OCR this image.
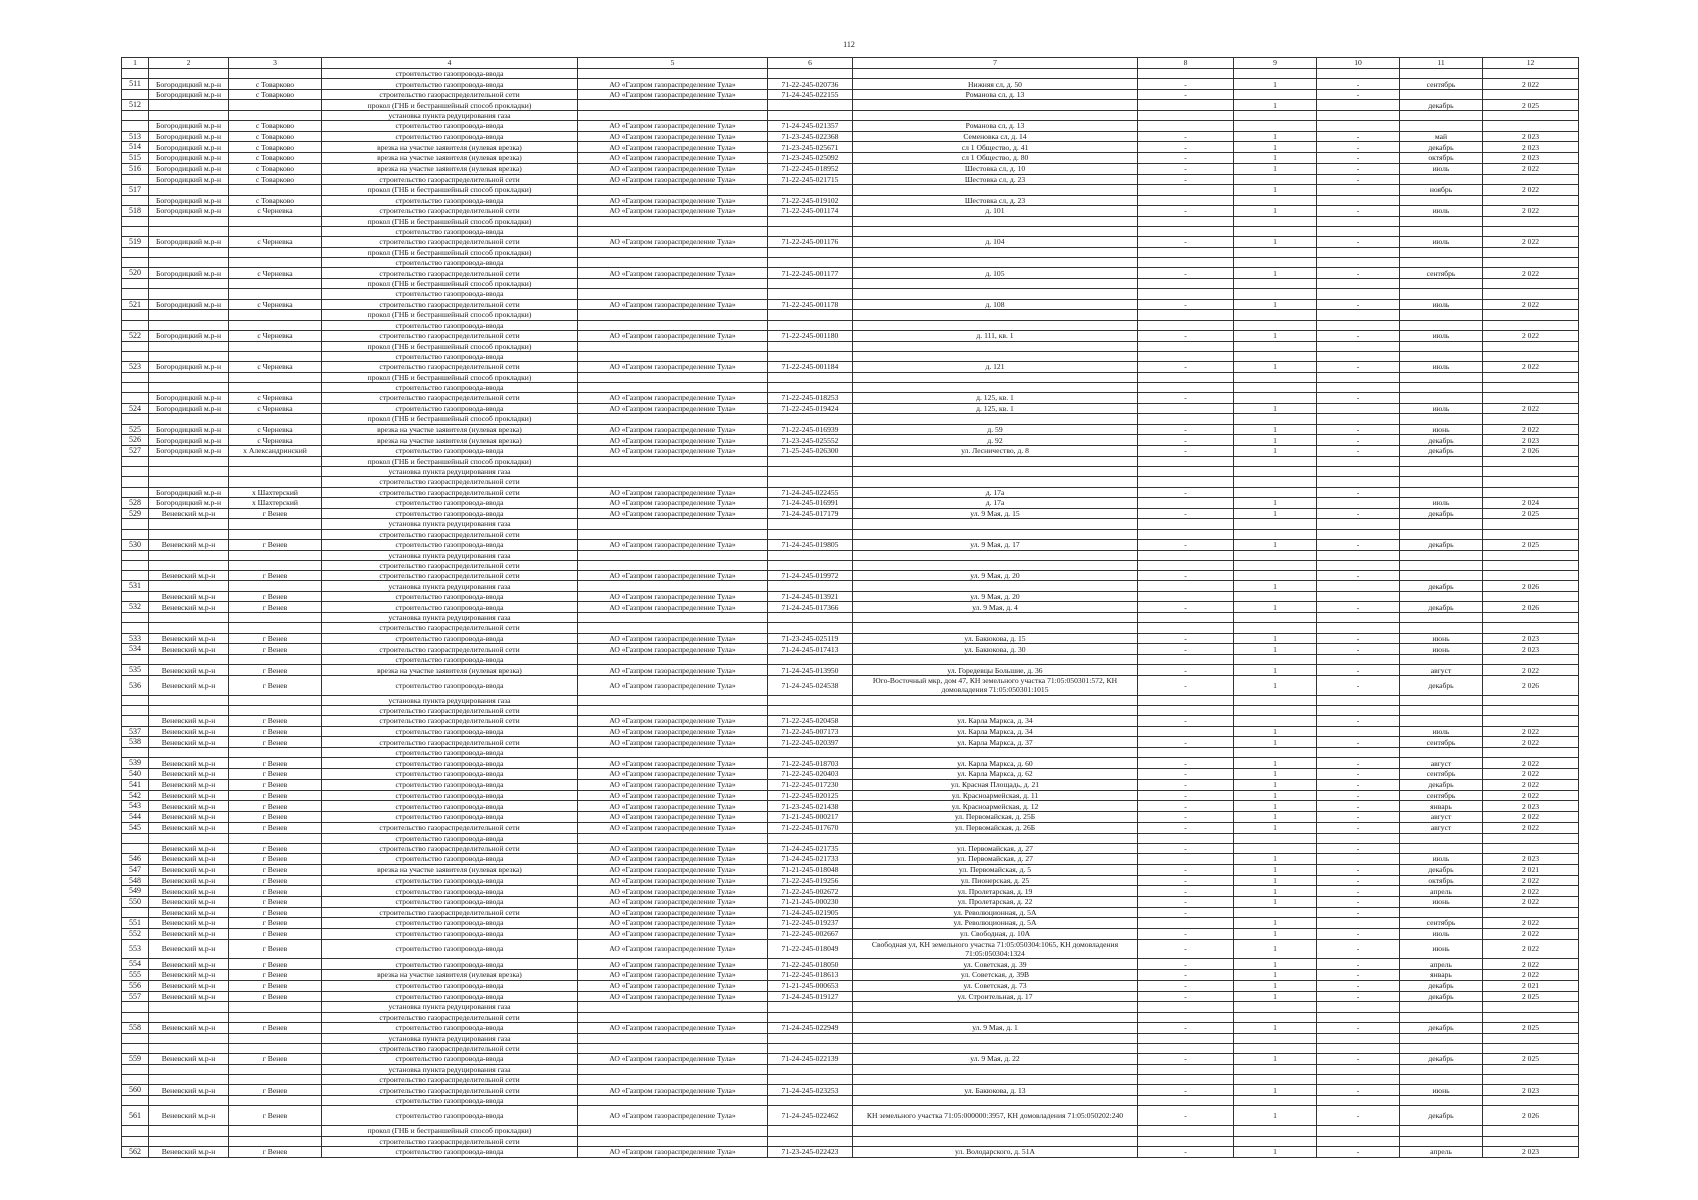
112
1	2	3	4	5	6	7	8	9	10	11	12
			строительство газопровода-ввода								
511	Богородицкий м.р-н	с Товарково	строительство газопровода-ввода	АО «Газпром газораспределение Тула»	71-22-245-020736	Нижняя сл, д. 50	-	1	-	сентябрь	2 022
	Богородицкий м.р-н	с Товарково	строительство газораспределительной сети	АО «Газпром газораспределение Тула»	71-24-245-022155	Романова сл, д. 13	-		-		
512			прокол (ГНБ и бестраншейный способ прокладки)					1		декабрь	2 025
			установка пункта редуцирования газа								
	Богородицкий м.р-н	с Товарково	строительство газопровода-ввода	АО «Газпром газораспределение Тула»	71-24-245-021357	Романова сл, д. 13					
513	Богородицкий м.р-н	с Товарково	строительство газопровода-ввода	АО «Газпром газораспределение Тула»	71-23-245-022368	Семеновка сл, д. 14	-	1	-	май	2 023
514	Богородицкий м.р-н	с Товарково	врезка на участке заявителя (нулевая врезка)	АО «Газпром газораспределение Тула»	71-23-245-025671	сл 1 Общество, д. 41	-	1	-	декабрь	2 023
515	Богородицкий м.р-н	с Товарково	врезка на участке заявителя (нулевая врезка)	АО «Газпром газораспределение Тула»	71-23-245-025092	сл 1 Общество, д. 80	-	1	-	октябрь	2 023
516	Богородицкий м.р-н	с Товарково	врезка на участке заявителя (нулевая врезка)	АО «Газпром газораспределение Тула»	71-22-245-018952	Шестовка сл, д. 10	-	1	-	июль	2 022
	Богородицкий м.р-н	с Товарково	строительство газораспределительной сети	АО «Газпром газораспределение Тула»	71-22-245-021715	Шестовка сл, д. 23	-		-		
517			прокол (ГНБ и бестраншейный способ прокладки)					1		ноябрь	2 022
	Богородицкий м.р-н	с Товарково	строительство газопровода-ввода	АО «Газпром газораспределение Тула»	71-22-245-019102	Шестовка сл, д. 23					
518	Богородицкий м.р-н	с Черневка	строительство газораспределительной сети	АО «Газпром газораспределение Тула»	71-22-245-001174	д. 101	-	1	-	июль	2 022
			прокол (ГНБ и бестраншейный способ прокладки)								
			строительство газопровода-ввода								
519	Богородицкий м.р-н	с Черневка	строительство газораспределительной сети	АО «Газпром газораспределение Тула»	71-22-245-001176	д. 104	-	1	-	июль	2 022
			прокол (ГНБ и бестраншейный способ прокладки)								
			строительство газопровода-ввода								
520	Богородицкий м.р-н	с Черневка	строительство газораспределительной сети	АО «Газпром газораспределение Тула»	71-22-245-001177	д. 105	-	1	-	сентябрь	2 022
			прокол (ГНБ и бестраншейный способ прокладки)								
			строительство газопровода-ввода								
521	Богородицкий м.р-н	с Черневка	строительство газораспределительной сети	АО «Газпром газораспределение Тула»	71-22-245-001178	д. 108	-	1	-	июль	2 022
			прокол (ГНБ и бестраншейный способ прокладки)								
			строительство газопровода-ввода								
522	Богородицкий м.р-н	с Черневка	строительство газораспределительной сети	АО «Газпром газораспределение Тула»	71-22-245-001180	д. 111, кв. 1	-	1	-	июль	2 022
			прокол (ГНБ и бестраншейный способ прокладки)								
			строительство газопровода-ввода								
523	Богородицкий м.р-н	с Черневка	строительство газораспределительной сети	АО «Газпром газораспределение Тула»	71-22-245-001184	д. 121	-	1	-	июль	2 022
			прокол (ГНБ и бестраншейный способ прокладки)								
			строительство газопровода-ввода								
	Богородицкий м.р-н	с Черневка	строительство газораспределительной сети	АО «Газпром газораспределение Тула»	71-22-245-018253	д. 125, кв. 1	-		-		
524	Богородицкий м.р-н	с Черневка	строительство газопровода-ввода	АО «Газпром газораспределение Тула»	71-22-245-019424	д. 125, кв. 1		1		июль	2 022
			прокол (ГНБ и бестраншейный способ прокладки)								
525	Богородицкий м.р-н	с Черневка	врезка на участке заявителя (нулевая врезка)	АО «Газпром газораспределение Тула»	71-22-245-016939	д. 59	-	1	-	июнь	2 022
526	Богородицкий м.р-н	с Черневка	врезка на участке заявителя (нулевая врезка)	АО «Газпром газораспределение Тула»	71-23-245-025552	д. 92	-	1	-	декабрь	2 023
527	Богородицкий м.р-н	х Александринский	строительство газопровода-ввода	АО «Газпром газораспределение Тула»	71-25-245-026300	ул. Лесничество, д. 8	-	1	-	декабрь	2 026
			прокол (ГНБ и бестраншейный способ прокладки)								
			установка пункта редуцирования газа								
			строительство газораспределительной сети								
	Богородицкий м.р-н	х Шахтерский	строительство газораспределительной сети	АО «Газпром газораспределение Тула»	71-24-245-022455	д. 17а	-		-		
528	Богородицкий м.р-н	х Шахтерский	строительство газопровода-ввода	АО «Газпром газораспределение Тула»	71-24-245-016991	д. 17а		1		июль	2 024
529	Веневский м.р-н	г Венев	строительство газопровода-ввода	АО «Газпром газораспределение Тула»	71-24-245-017179	ул. 9 Мая, д. 15	-	1	-	декабрь	2 025
			установка пункта редуцирования газа								
			строительство газораспределительной сети								
530	Веневский м.р-н	г Венев	строительство газопровода-ввода	АО «Газпром газораспределение Тула»	71-24-245-019805	ул. 9 Мая, д. 17	-	1	-	декабрь	2 025
			установка пункта редуцирования газа								
			строительство газораспределительной сети								
	Веневский м.р-н	г Венев	строительство газораспределительной сети	АО «Газпром газораспределение Тула»	71-24-245-019972	ул. 9 Мая, д. 20	-		-		
531			установка пункта редуцирования газа					1		декабрь	2 026
	Веневский м.р-н	г Венев	строительство газопровода-ввода	АО «Газпром газораспределение Тула»	71-24-245-013921	ул. 9 Мая, д. 20					
532	Веневский м.р-н	г Венев	строительство газопровода-ввода	АО «Газпром газораспределение Тула»	71-24-245-017366	ул. 9 Мая, д. 4	-	1	-	декабрь	2 026
			установка пункта редуцирования газа								
			строительство газораспределительной сети								
533	Веневский м.р-н	г Венев	строительство газопровода-ввода	АО «Газпром газораспределение Тула»	71-23-245-025119	ул. Бакюкова, д. 15	-	1	-	июнь	2 023
534	Веневский м.р-н	г Венев	строительство газораспределительной сети	АО «Газпром газораспределение Тула»	71-24-245-017413	ул. Бакюкова, д. 30	-	1	-	июнь	2 023
			строительство газопровода-ввода								
535	Веневский м.р-н	г Венев	врезка на участке заявителя (нулевая врезка)	АО «Газпром газораспределение Тула»	71-24-245-013950	ул. Горедевцы Большие, д. 36	-	1	-	август	2 022
536	Веневский м.р-н	г Венев	строительство газопровода-ввода	АО «Газпром газораспределение Тула»	71-24-245-024538	Юго-Восточный мкр, дом 47, КН земельного участка 71:05:050301:572, КН домовладения 71:05:050301:1015	-	1	-	декабрь	2 026
			установка пункта редуцирования газа								
			строительство газораспределительной сети								
	Веневский м.р-н	г Венев	строительство газораспределительной сети	АО «Газпром газораспределение Тула»	71-22-245-020458	ул. Карла Маркса, д. 34	-		-		
537	Веневский м.р-н	г Венев	строительство газопровода-ввода	АО «Газпром газораспределение Тула»	71-22-245-007173	ул. Карла Маркса, д. 34		1		июль	2 022
538	Веневский м.р-н	г Венев	строительство газораспределительной сети	АО «Газпром газораспределение Тула»	71-22-245-020397	ул. Карла Маркса, д. 37	-	1	-	сентябрь	2 022
			строительство газопровода-ввода								
539	Веневский м.р-н	г Венев	строительство газопровода-ввода	АО «Газпром газораспределение Тула»	71-22-245-018703	ул. Карла Маркса, д. 60	-	1	-	август	2 022
540	Веневский м.р-н	г Венев	строительство газопровода-ввода	АО «Газпром газораспределение Тула»	71-22-245-020403	ул. Карла Маркса, д. 62	-	1	-	сентябрь	2 022
541	Веневский м.р-н	г Венев	строительство газопровода-ввода	АО «Газпром газораспределение Тула»	71-22-245-017230	ул. Красная Площадь, д. 21	-	1	-	декабрь	2 022
542	Веневский м.р-н	г Венев	строительство газопровода-ввода	АО «Газпром газораспределение Тула»	71-22-245-020125	ул. Красноармейская, д. 11	-	1	-	сентябрь	2 022
543	Веневский м.р-н	г Венев	строительство газопровода-ввода	АО «Газпром газораспределение Тула»	71-23-245-021438	ул. Красноармейская, д. 12	-	1	-	январь	2 023
544	Веневский м.р-н	г Венев	строительство газопровода-ввода	АО «Газпром газораспределение Тула»	71-21-245-000217	ул. Первомайская, д. 25Б	-	1	-	август	2 022
545	Веневский м.р-н	г Венев	строительство газораспределительной сети	АО «Газпром газораспределение Тула»	71-22-245-017670	ул. Первомайская, д. 26Б	-	1	-	август	2 022
			строительство газопровода-ввода								
	Веневский м.р-н	г Венев	строительство газораспределительной сети	АО «Газпром газораспределение Тула»	71-24-245-021735	ул. Первомайская, д. 27	-		-		
546	Веневский м.р-н	г Венев	строительство газопровода-ввода	АО «Газпром газораспределение Тула»	71-24-245-021733	ул. Первомайская, д. 27		1		июль	2 023
547	Веневский м.р-н	г Венев	врезка на участке заявителя (нулевая врезка)	АО «Газпром газораспределение Тула»	71-21-245-018048	ул. Первомайская, д. 5	-	1	-	декабрь	2 021
548	Веневский м.р-н	г Венев	строительство газопровода-ввода	АО «Газпром газораспределение Тула»	71-22-245-019256	ул. Пионерская, д. 25	-	1	-	октябрь	2 022
549	Веневский м.р-н	г Венев	строительство газопровода-ввода	АО «Газпром газораспределение Тула»	71-22-245-002672	ул. Пролетарская, д. 19	-	1	-	апрель	2 022
550	Веневский м.р-н	г Венев	строительство газопровода-ввода	АО «Газпром газораспределение Тула»	71-21-245-000230	ул. Пролетарская, д. 22	-	1	-	июнь	2 022
	Веневский м.р-н	г Венев	строительство газораспределительной сети	АО «Газпром газораспределение Тула»	71-24-245-021905	ул. Революционная, д. 5А	-		-		
551	Веневский м.р-н	г Венев	строительство газопровода-ввода	АО «Газпром газораспределение Тула»	71-22-245-019237	ул. Революционная, д. 5А		1		сентябрь	2 022
552	Веневский м.р-н	г Венев	строительство газопровода-ввода	АО «Газпром газораспределение Тула»	71-22-245-002667	ул. Свободная, д. 10А	-	1	-	июль	2 022
553	Веневский м.р-н	г Венев	строительство газопровода-ввода	АО «Газпром газораспределение Тула»	71-22-245-018049	Свободная ул, КН земельного участка 71:05:050304:1065, КН домовладения 71:05:050304:1324	-	1	-	июнь	2 022
554	Веневский м.р-н	г Венев	строительство газопровода-ввода	АО «Газпром газораспределение Тула»	71-22-245-018050	ул. Советская, д. 39	-	1	-	апрель	2 022
555	Веневский м.р-н	г Венев	врезка на участке заявителя (нулевая врезка)	АО «Газпром газораспределение Тула»	71-22-245-018613	ул. Советская, д. 39В	-	1	-	январь	2 022
556	Веневский м.р-н	г Венев	строительство газопровода-ввода	АО «Газпром газораспределение Тула»	71-21-245-000653	ул. Советская, д. 73	-	1	-	декабрь	2 021
557	Веневский м.р-н	г Венев	строительство газопровода-ввода	АО «Газпром газораспределение Тула»	71-24-245-019127	ул. Строительная, д. 17	-	1	-	декабрь	2 025
			установка пункта редуцирования газа								
			строительство газораспределительной сети								
558	Веневский м.р-н	г Венев	строительство газопровода-ввода	АО «Газпром газораспределение Тула»	71-24-245-022949	ул. 9 Мая, д. 1	-	1	-	декабрь	2 025
			установка пункта редуцирования газа								
			строительство газораспределительной сети								
559	Веневский м.р-н	г Венев	строительство газопровода-ввода	АО «Газпром газораспределение Тула»	71-24-245-022139	ул. 9 Мая, д. 22	-	1	-	декабрь	2 025
			установка пункта редуцирования газа								
			строительство газораспределительной сети								
560	Веневский м.р-н	г Венев	строительство газораспределительной сети	АО «Газпром газораспределение Тула»	71-24-245-023253	ул. Бакюкова, д. 13	-	1	-	июнь	2 023
			строительство газопровода-ввода								
561	Веневский м.р-н	г Венев	строительство газопровода-ввода	АО «Газпром газораспределение Тула»	71-24-245-022462	КН земельного участка 71:05:000000:3957, КН домовладения 71:05:050202:240	-	1	-	декабрь	2 026
			прокол (ГНБ и бестраншейный способ прокладки)								
			строительство газораспределительной сети								
562	Веневский м.р-н	г Венев	строительство газопровода-ввода	АО «Газпром газораспределение Тула»	71-23-245-022423	ул. Володарского, д. 51А	-	1	-	апрель	2 023
